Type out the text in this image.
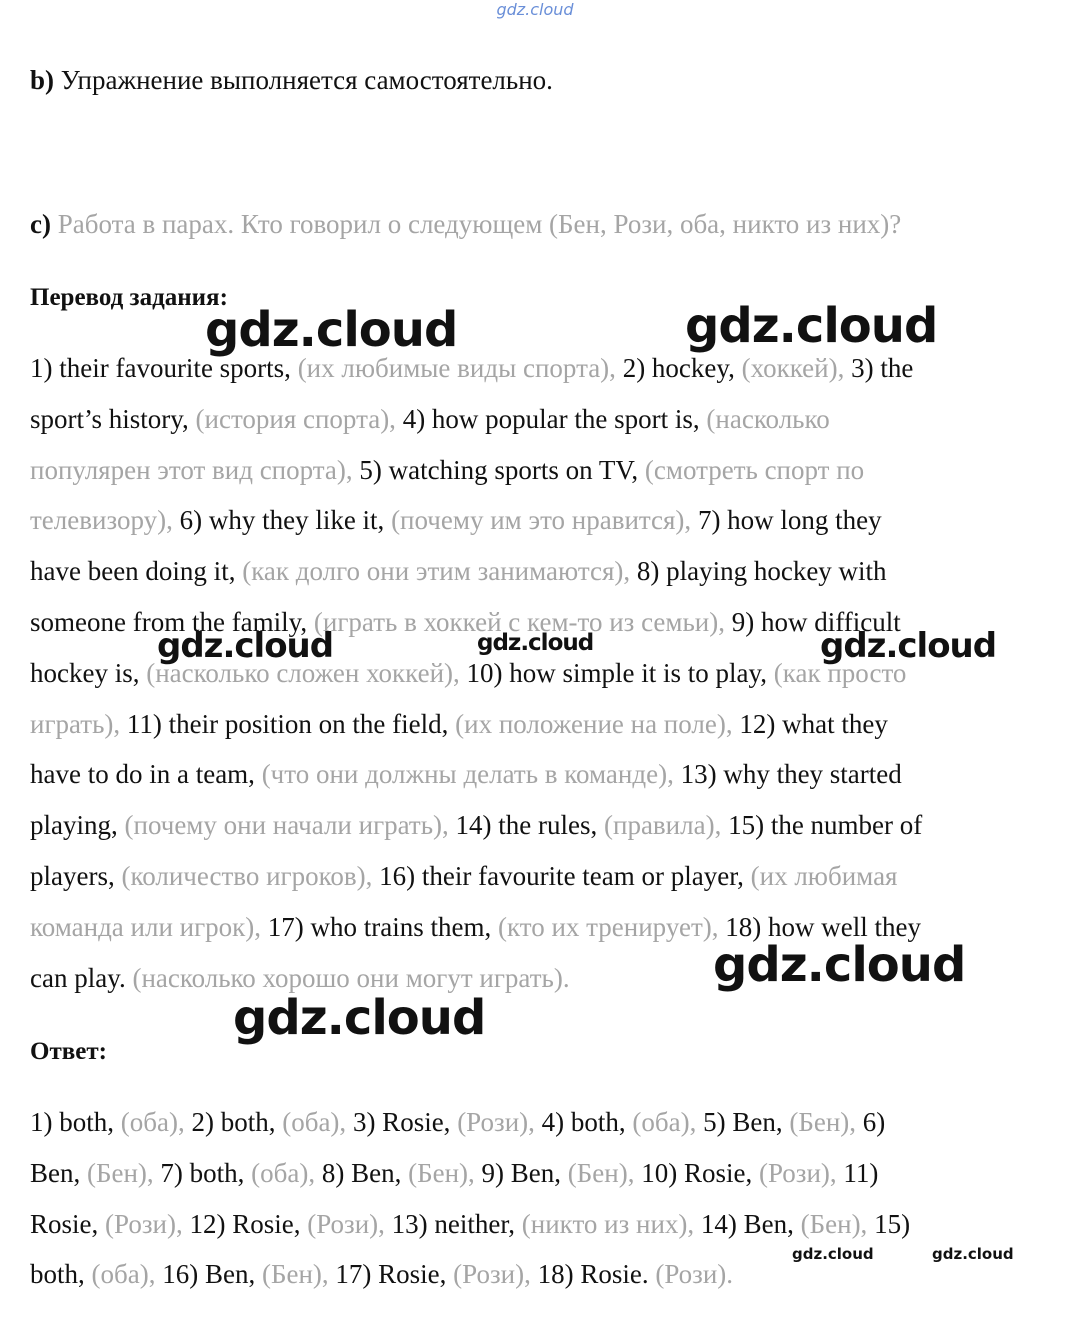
gdz.cloud
b) Упражнение выполняется самостоятельно.
c) Работа в парах. Кто говорил о следующем (Бен, Рози, оба, никто из них)?
Перевод задания:
1) their favourite sports, (их любимые виды спорта), 2) hockey, (хоккей), 3) the
sport’s history, (история спорта), 4) how popular the sport is, (насколько
популярен этот вид спорта), 5) watching sports on TV, (смотреть спорт по
телевизору), 6) why they like it, (почему им это нравится), 7) how long they
have been doing it, (как долго они этим занимаются), 8) playing hockey with
someone from the family, (играть в хоккей с кем-то из семьи), 9) how difficult
hockey is, (насколько сложен хоккей), 10) how simple it is to play, (как просто
играть), 11) their position on the field, (их положение на поле), 12) what they
have to do in a team, (что они должны делать в команде), 13) why they started
playing, (почему они начали играть), 14) the rules, (правила), 15) the number of
players, (количество игроков), 16) their favourite team or player, (их любимая
команда или игрок), 17) who trains them, (кто их тренирует), 18) how well they
can play. (насколько хорошо они могут играть).
Ответ:
1) both, (оба), 2) both, (оба), 3) Rosie, (Рози), 4) both, (оба), 5) Ben, (Бен), 6)
Ben, (Бен), 7) both, (оба), 8) Ben, (Бен), 9) Ben, (Бен), 10) Rosie, (Рози), 11)
Rosie, (Рози), 12) Rosie, (Рози), 13) neither, (никто из них), 14) Ben, (Бен), 15)
both, (оба), 16) Ben, (Бен), 17) Rosie, (Рози), 18) Rosie. (Рози).
gdz.cloud	gdz.cloud
gdz.cloud	gdz.cloud	gdz.cloud
gdz.cloud
gdz.cloud
gdz.cloud	gdz.cloud
